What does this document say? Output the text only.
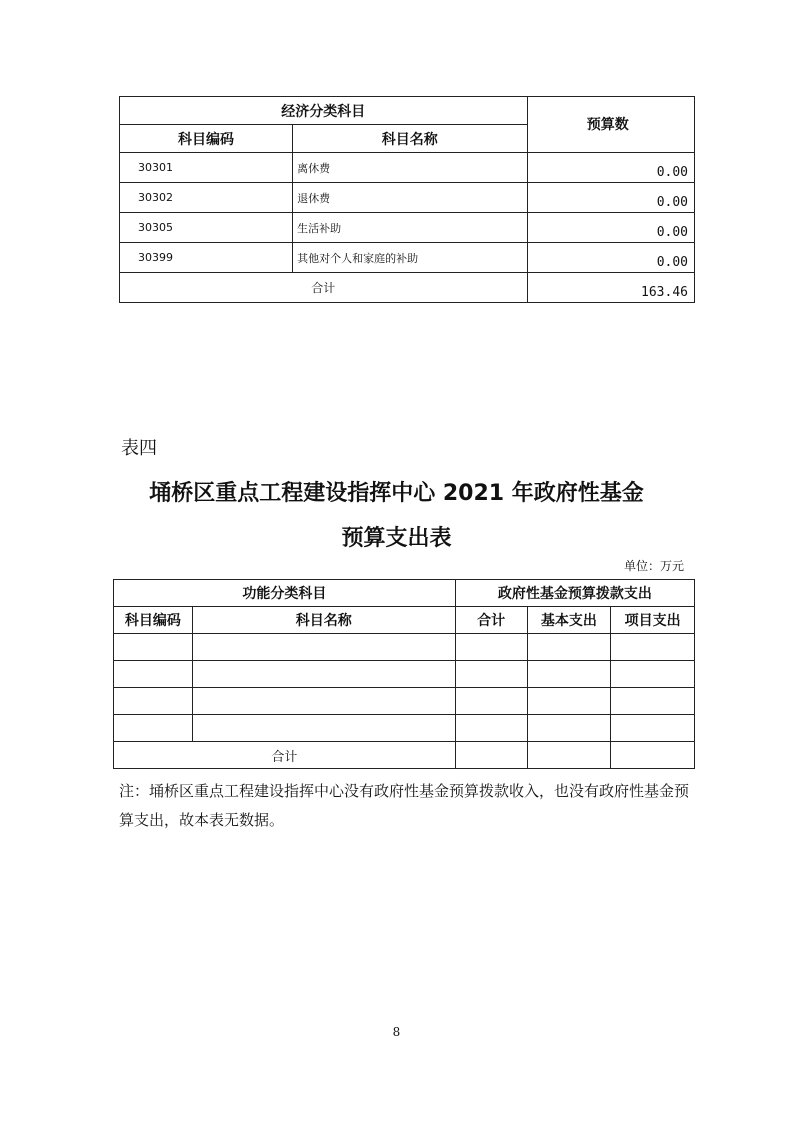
经济分类科目		预算数
科目编码	科目名称	
30301	离休费	0.00
30302	退休费	0.00
30305	生活补助	0.00
30399	其他对个人和家庭的补助	0.00
合计		163.46
表四
埇桥区重点工程建设指挥中心 2021 年政府性基金
预算支出表
单位：万元
功能分类科目		政府性基金预算拨款支出		
科目编码	科目名称	合计	基本支出	项目支出

合计				
注：埇桥区重点工程建设指挥中心没有政府性基金预算拨款收入，也没有政府性基金预算支出，故本表无数据。
8
